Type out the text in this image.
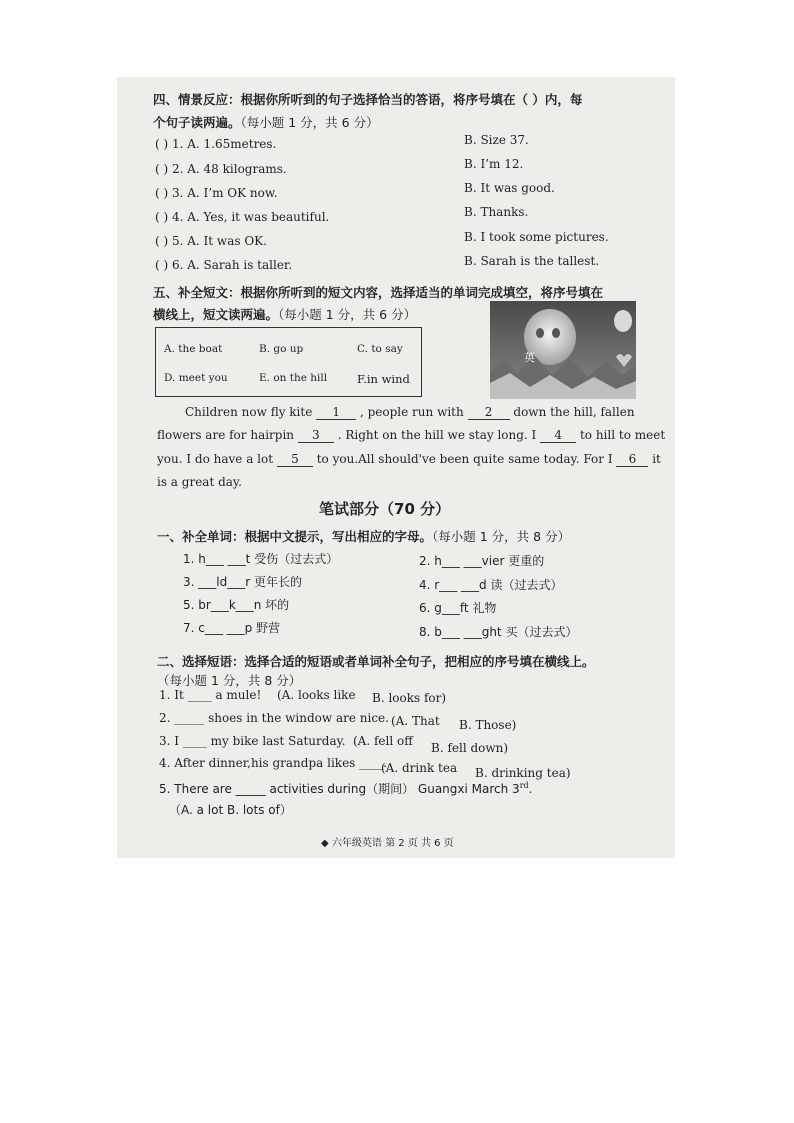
四、情景反应：根据你所听到的句子选择恰当的答语，将序号填在（ ）内，每
个句子读两遍。（每小题 1 分，共 6 分）
( ) 1. A. 1.65metres.	B. Size 37.
( ) 2. A. 48 kilograms.	B. I’m 12.
( ) 3. A. I’m OK now.	B. It was good.
( ) 4. A. Yes, it was beautiful.	B. Thanks.
( ) 5. A. It was OK.	B. I took some pictures.
( ) 6. A. Sarah is taller.	B. Sarah is the tallest.
五、补全短文：根据你所听到的短文内容，选择适当的单词完成填空，将序号填在
横线上，短文读两遍。（每小题 1 分，共 6 分）
A. the boat	B. go up	C. to say
D. meet you	E. on the hill	F.in wind
英
Children now fly kite 1 , people run with 2 down the hill, fallen
flowers are for hairpin 3 . Right on the hill we stay long. I 4 to hill to meet
you. I do have a lot 5 to you.All should've been quite same today. For I 6 it
is a great day.
笔试部分（70 分）
一、补全单词：根据中文提示，写出相应的字母。（每小题 1 分，共 8 分）
1. h___ ___t 受伤（过去式）	2. h___ ___vier 更重的
3. ___ld___r 更年长的	4. r___ ___d 读（过去式）
5. br___k___n 坏的	6. g___ft 礼物
7. c___ ___p 野营	8. b___ ___ght 买（过去式）
二、选择短语：选择合适的短语或者单词补全句子，把相应的序号填在横线上。
（每小题 1 分，共 8 分）
1. It ____ a mule! (A. looks like B. looks for)
2. _____ shoes in the window are nice. (A. That B. Those)
3. I ____ my bike last Saturday. (A. fell off B. fell down)
4. After dinner,his grandpa likes ____.
(A. drink tea B. drinking tea)
5. There are _____ activities during（期间） Guangxi March 3rd.
（A. a lot B. lots of）
◆ 六年级英语 第 2 页 共 6 页
